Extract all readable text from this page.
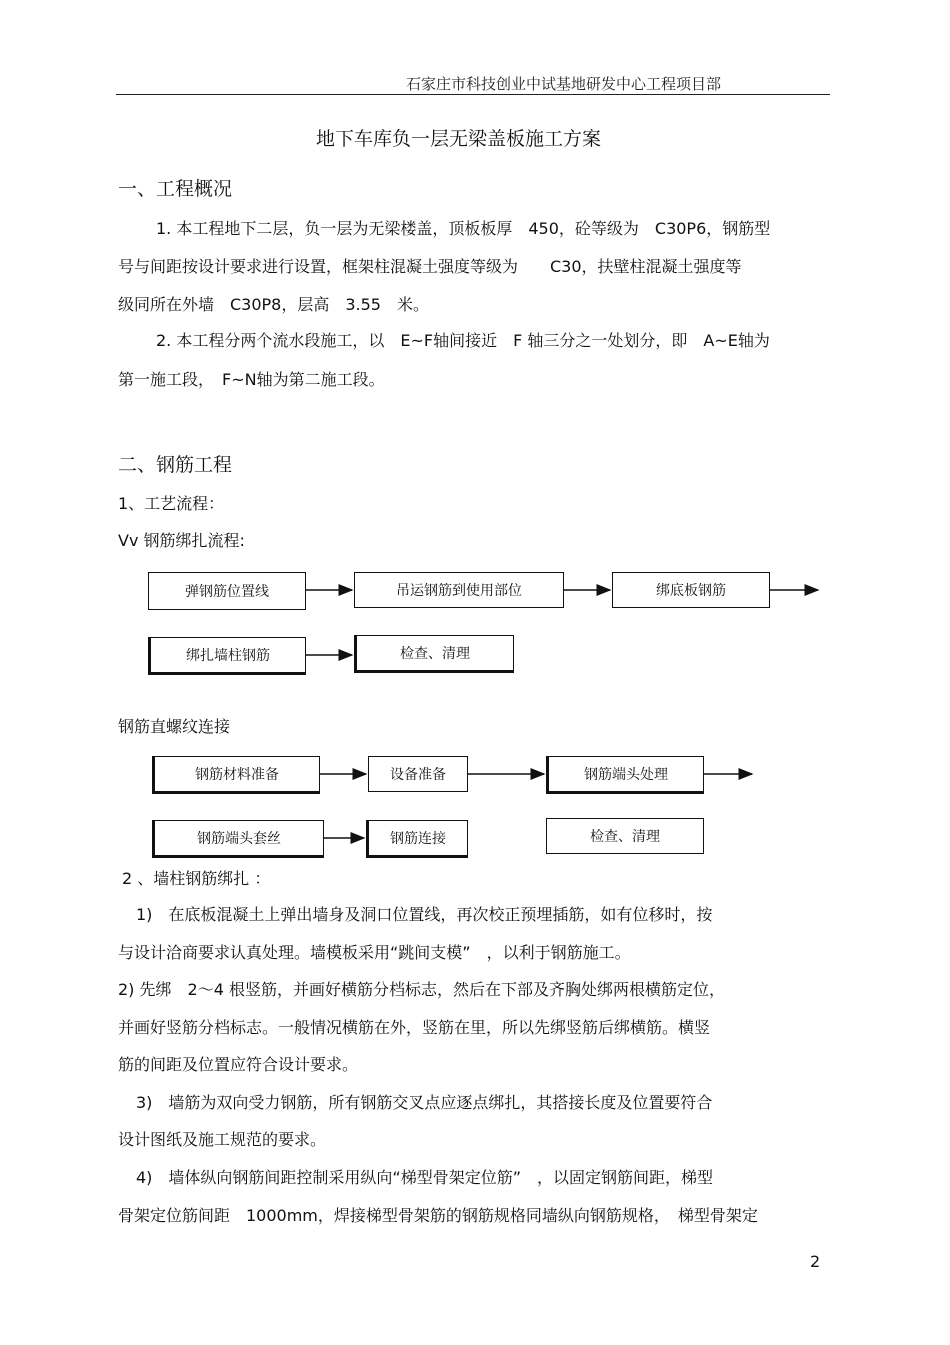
石家庄市科技创业中试基地研发中心工程项目部
地下车库负一层无梁盖板施工方案
一、工程概况
1. 本工程地下二层，负一层为无梁楼盖，顶板板厚　450，砼等级为　C30P6，钢筋型
号与间距按设计要求进行设置，框架柱混凝土强度等级为　　C30，扶壁柱混凝土强度等
级同所在外墙　C30P8，层高　3.55　米。
2. 本工程分两个流水段施工，以　E~F轴间接近　F 轴三分之一处划分，即　A~E轴为
第一施工段，　F~N轴为第二施工段。
二、钢筋工程
1、工艺流程：
Vv 钢筋绑扎流程:
弹钢筋位置线	吊运钢筋到使用部位	绑底板钢筋
绑扎墙柱钢筋	检查、清理
钢筋直螺纹连接
钢筋材料准备	设备准备	钢筋端头处理
钢筋端头套丝	钢筋连接	检查、清理
2 、墙柱钢筋绑扎 ：
1)　在底板混凝土上弹出墙身及洞口位置线，再次校正预埋插筋，如有位移时，按
与设计洽商要求认真处理。墙模板采用“跳间支模”　，以利于钢筋施工。
2) 先绑　2～4 根竖筋，并画好横筋分档标志，然后在下部及齐胸处绑两根横筋定位，
并画好竖筋分档标志。一般情况横筋在外，竖筋在里，所以先绑竖筋后绑横筋。横竖
筋的间距及位置应符合设计要求。
3)　墙筋为双向受力钢筋，所有钢筋交叉点应逐点绑扎，其搭接长度及位置要符合
设计图纸及施工规范的要求。
4)　墙体纵向钢筋间距控制采用纵向“梯型骨架定位筋”　，以固定钢筋间距，梯型
骨架定位筋间距　1000mm，焊接梯型骨架筋的钢筋规格同墙纵向钢筋规格，　梯型骨架定
2
